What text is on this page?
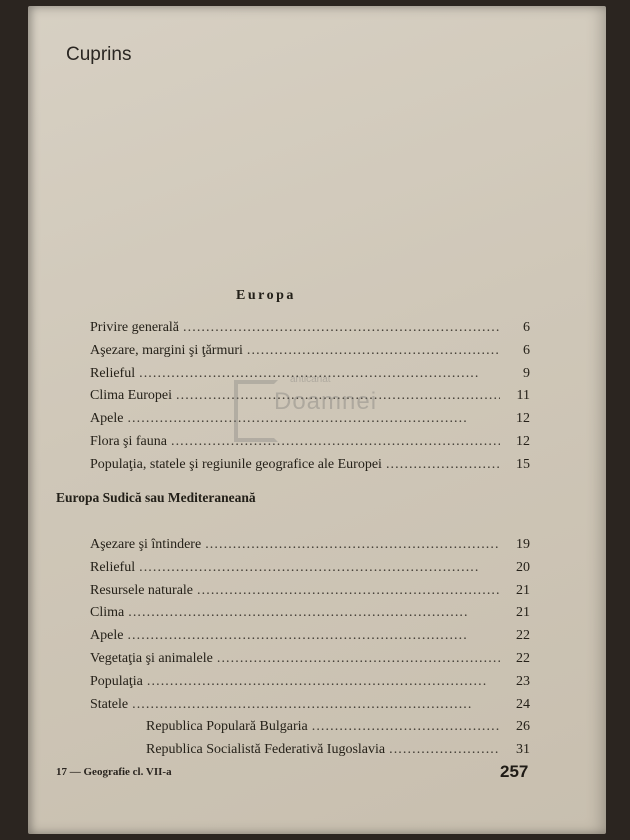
Cuprins
Europa
Privire generală . . .	6
Aşezare, margini şi ţărmuri . . .	6
Relieful . . .	9
Clima Europei . . .	11
Apele . . .	12
Flora şi fauna . . .	12
Populaţia, statele şi regiunile geografice ale Europei . . .	15
Europa Sudică sau Mediteraneană
Aşezare şi întindere . . .	19
Relieful . . .	20
Resursele naturale . . .	21
Clima . . .	21
Apele . . .	22
Vegetaţia şi animalele . . .	22
Populaţia . . .	23
Statele . . .	24
Republica Populară Bulgaria . . .	26
Republica Socialistă Federativă Iugoslavia . . .	31
anticariat
Doamnei
17 — Geografie cl. VII-a	257
